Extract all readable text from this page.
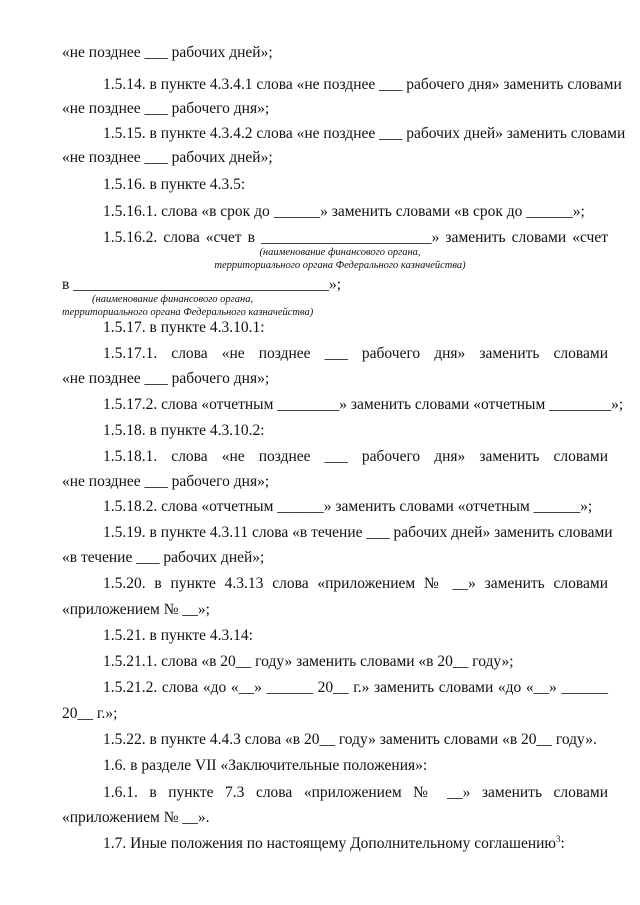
«не позднее ___ рабочих дней»;
1.5.14. в пункте 4.3.4.1 слова «не позднее ___ рабочего дня» заменить словами
«не позднее ___ рабочего дня»;
1.5.15. в пункте 4.3.4.2 слова «не позднее ___ рабочих дней» заменить словами
«не позднее ___ рабочих дней»;
1.5.16. в пункте 4.3.5:
1.5.16.1. слова «в срок до ______» заменить словами «в срок до ______»;
1.5.16.2. слова «счет в ______________________» заменить словами «счет
(наименование финансового органа,
территориального органа Федерального казначейства)
в _________________________________»;
(наименование финансового органа,
территориального органа Федерального казначейства)
1.5.17. в пункте 4.3.10.1:
1.5.17.1. слова «не позднее ___ рабочего дня» заменить словами
«не позднее ___ рабочего дня»;
1.5.17.2. слова «отчетным ________» заменить словами «отчетным ________»;
1.5.18. в пункте 4.3.10.2:
1.5.18.1. слова «не позднее ___ рабочего дня» заменить словами
«не позднее ___ рабочего дня»;
1.5.18.2. слова «отчетным ______» заменить словами «отчетным ______»;
1.5.19. в пункте 4.3.11 слова «в течение ___ рабочих дней» заменить словами
«в течение ___ рабочих дней»;
1.5.20. в пункте 4.3.13 слова «приложением № __» заменить словами
«приложением № __»;
1.5.21. в пункте 4.3.14:
1.5.21.1. слова «в 20__ году» заменить словами «в 20__ году»;
1.5.21.2. слова «до «__» ______ 20__ г.» заменить словами «до «__» ______
20__ г.»;
1.5.22. в пункте 4.4.3 слова «в 20__ году» заменить словами «в 20__ году».
1.6. в разделе VII «Заключительные положения»:
1.6.1. в пункте 7.3 слова «приложением № __» заменить словами
«приложением № __».
1.7. Иные положения по настоящему Дополнительному соглашению$^3$:
